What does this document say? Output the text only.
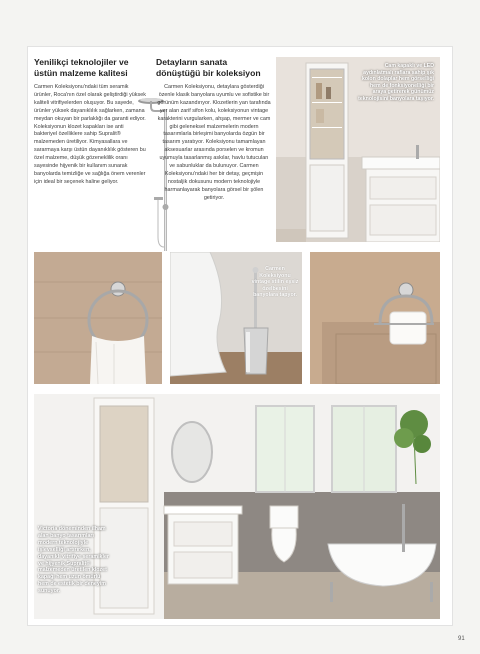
Yenilikçi teknolojiler ve

üstün malzeme kalitesi

Carmen Koleksiyonu'ndaki tüm seramik ürünler, Roca'nın özel olarak geliştirdiği yüksek kaliteli vitrifiyelerden oluşuyor. Bu sayede, ürünler yüksek dayanıklılık sağlarken, zamana meydan okuyan bir parlaklığı da garanti ediyor. Koleksiyonun klozet kapakları ise anti bakteriyel özelliklere sahip Supralit® malzemeden üretiliyor. Kimyasallara ve sararmaya karşı üstün dayanıklılık gösteren bu özel malzeme, düşük gözeneklilik oranı sayesinde hijyenik bir kullanım sunarak banyolarda temizliğe ve sağlığa önem verenler için ideal bir seçenek haline geliyor.

Detayların sanata

dönüştüğü bir koleksiyon

Carmen Koleksiyonu, detaylara gösterdiği özenle klasik banyolara uyumlu ve sofistike bir görünüm kazandırıyor. Klozetlerin yan tarafında yer alan zarif sifon kolu, koleksiyonun vintage karakterini vurgularken, ahşap, mermer ve cam gibi geleneksel malzemelerin modern tasarımlarla birleşimi banyolarda özgün bir tasarım yaratıyor. Koleksiyonu tamamlayan aksesuarlar arasında porselen ve kromun uyumuyla tasarlanmış askılar, havlu tutucuları ve sabunluklar da bulunuyor. Carmen Koleksiyonu'ndaki her bir detay, geçmişin nostaljik dokusunu modern teknolojiyle harmanlayarak banyolara görsel bir şölen getiriyor.

Cam kapaklı ve LED aydınlatmalı raflara sahip şık kolon dolaplar hem görselliği hem de fonksiyonelliği bir araya getirerek günümüz teknolojisini banyolara taşıyor.
Carmen Koleksiyonu vintage stilin eşsiz özelbesini banyolara tapyor.
Victoria döneminden ilham alan banyo tasarımları modern teknolojiyle işlevselliği artırırken, dayanıklı vitrifiye seramikler ve hijyenik Supralit® malzemeden üretilen klozet kapağı hem uzun ömürlü hem de estetik bir deneyim sunuyor.
91
